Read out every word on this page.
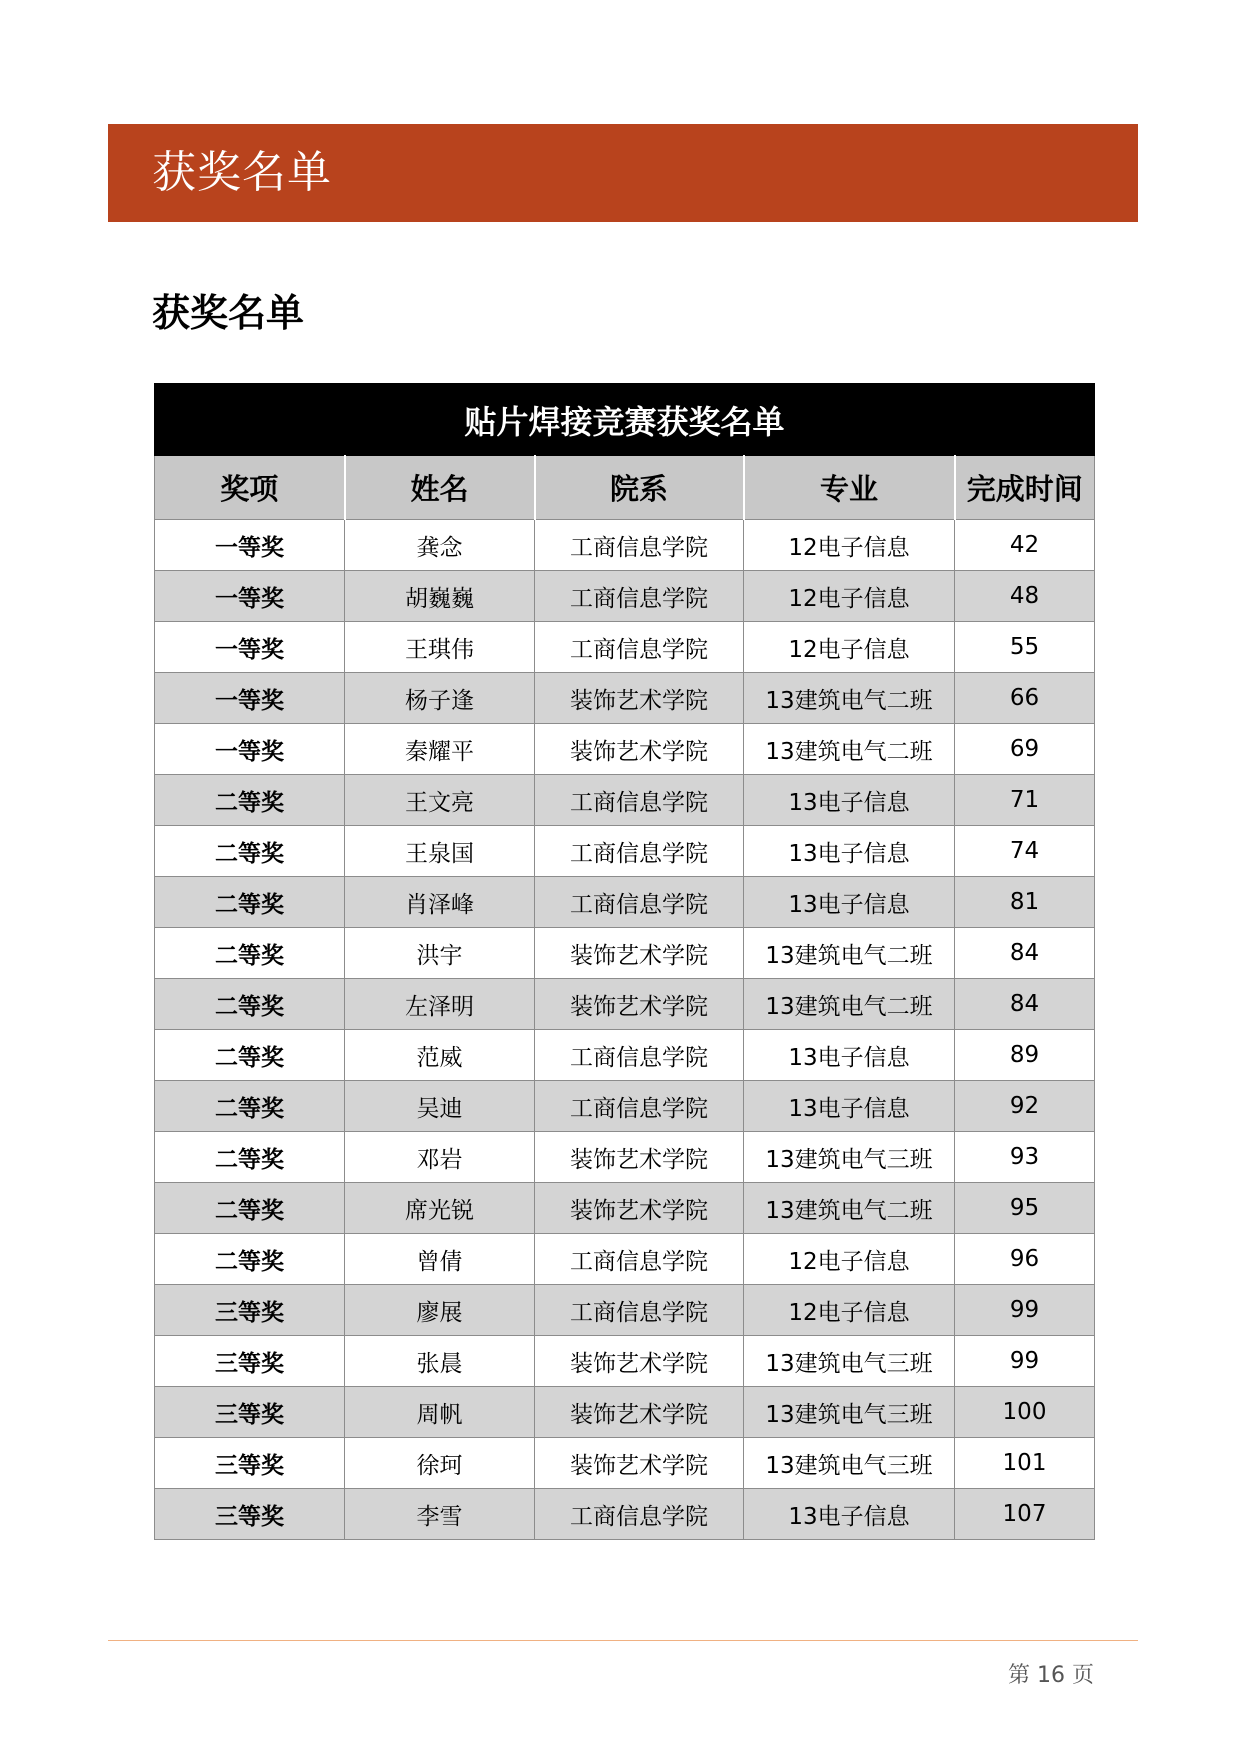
获奖名单
获奖名单
贴片焊接竞赛获奖名单				
奖项	姓名	院系	专业	完成时间
一等奖	龚念	工商信息学院	12电子信息	42
一等奖	胡巍巍	工商信息学院	12电子信息	48
一等奖	王琪伟	工商信息学院	12电子信息	55
一等奖	杨子逢	装饰艺术学院	13建筑电气二班	66
一等奖	秦耀平	装饰艺术学院	13建筑电气二班	69
二等奖	王文亮	工商信息学院	13电子信息	71
二等奖	王泉国	工商信息学院	13电子信息	74
二等奖	肖泽峰	工商信息学院	13电子信息	81
二等奖	洪宇	装饰艺术学院	13建筑电气二班	84
二等奖	左泽明	装饰艺术学院	13建筑电气二班	84
二等奖	范威	工商信息学院	13电子信息	89
二等奖	吴迪	工商信息学院	13电子信息	92
二等奖	邓岩	装饰艺术学院	13建筑电气三班	93
二等奖	席光锐	装饰艺术学院	13建筑电气二班	95
二等奖	曾倩	工商信息学院	12电子信息	96
三等奖	廖展	工商信息学院	12电子信息	99
三等奖	张晨	装饰艺术学院	13建筑电气三班	99
三等奖	周帆	装饰艺术学院	13建筑电气三班	100
三等奖	徐珂	装饰艺术学院	13建筑电气三班	101
三等奖	李雪	工商信息学院	13电子信息	107
第 16 页
